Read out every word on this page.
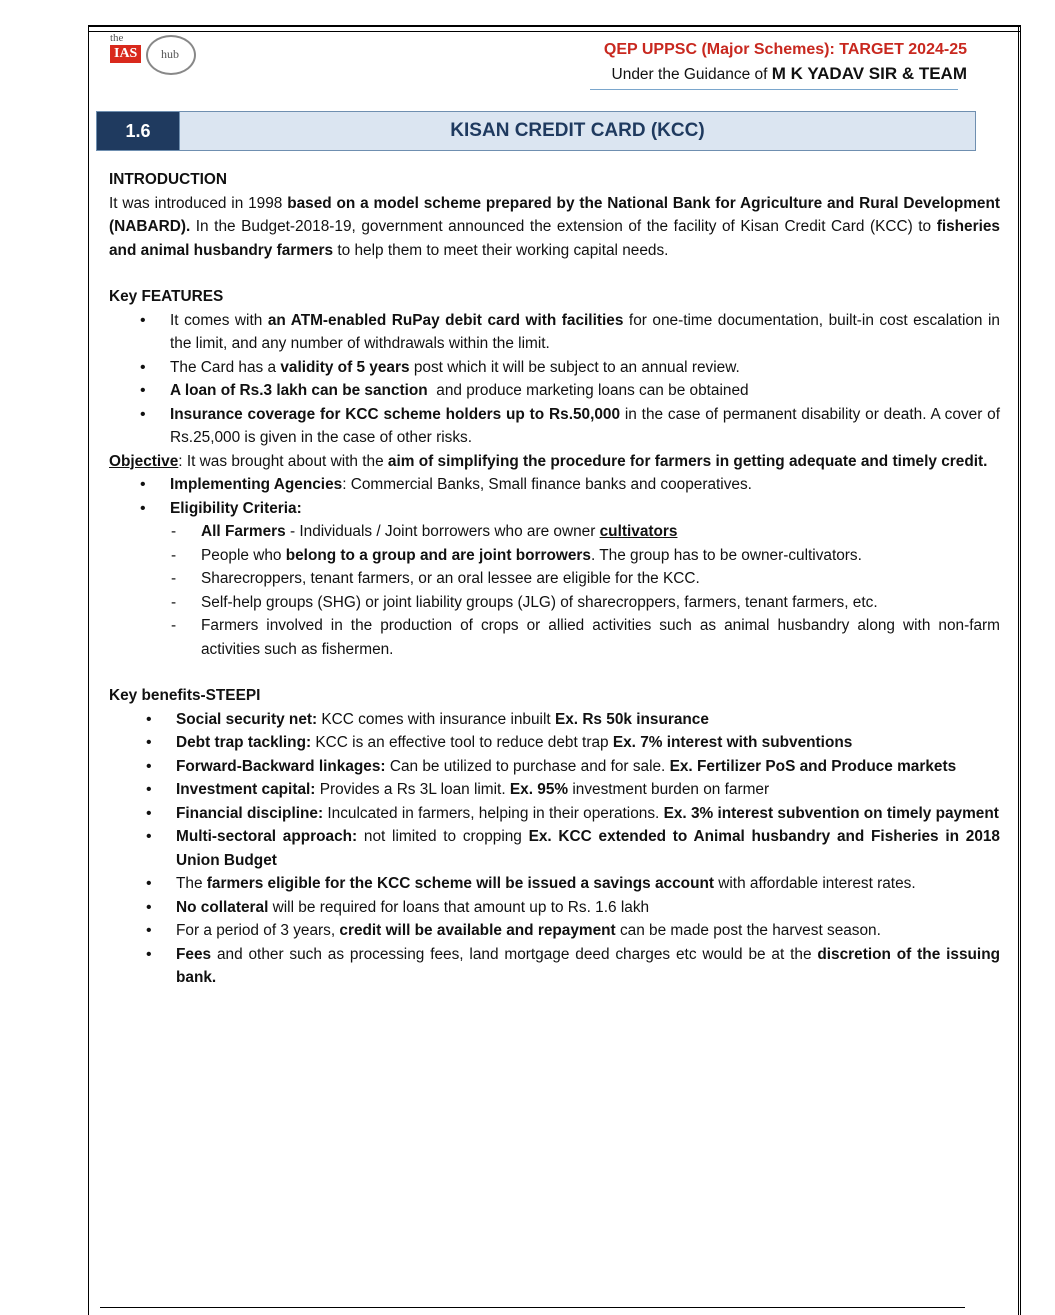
the
IAS	hub	QEP UPPSC (Major Schemes): TARGET 2024-25
Under the Guidance of M K YADAV SIR & TEAM
1.6	KISAN CREDIT CARD (KCC)
INTRODUCTION

It was introduced in 1998 based on a model scheme prepared by the National Bank for Agriculture and Rural Development (NABARD). In the Budget-2018-19, government announced the extension of the facility of Kisan Credit Card (KCC) to fisheries and animal husbandry farmers to help them to meet their working capital needs.

Key FEATURES
• It comes with an ATM-enabled RuPay debit card with facilities for one-time documentation, built-in cost escalation in the limit, and any number of withdrawals within the limit.
• The Card has a validity of 5 years post which it will be subject to an annual review.
• A loan of Rs.3 lakh can be sanction  and produce marketing loans can be obtained
• Insurance coverage for KCC scheme holders up to Rs.50,000 in the case of permanent disability or death. A cover of Rs.25,000 is given in the case of other risks.

Objective: It was brought about with the aim of simplifying the procedure for farmers in getting adequate and timely credit.

• Implementing Agencies: Commercial Banks, Small finance banks and cooperatives.
• Eligibility Criteria:
- All Farmers - Individuals / Joint borrowers who are owner cultivators
- People who belong to a group and are joint borrowers. The group has to be owner-cultivators.
- Sharecroppers, tenant farmers, or an oral lessee are eligible for the KCC.
- Self-help groups (SHG) or joint liability groups (JLG) of sharecroppers, farmers, tenant farmers, etc.
- Farmers involved in the production of crops or allied activities such as animal husbandry along with non-farm activities such as fishermen.
Key benefits-STEEPI
• Social security net: KCC comes with insurance inbuilt Ex. Rs 50k insurance
• Debt trap tackling: KCC is an effective tool to reduce debt trap Ex. 7% interest with subventions
• Forward-Backward linkages: Can be utilized to purchase and for sale. Ex. Fertilizer PoS and Produce markets
• Investment capital: Provides a Rs 3L loan limit. Ex. 95% investment burden on farmer
• Financial discipline: Inculcated in farmers, helping in their operations. Ex. 3% interest subvention on timely payment
• Multi-sectoral approach: not limited to cropping Ex. KCC extended to Animal husbandry and Fisheries in 2018 Union Budget
• The farmers eligible for the KCC scheme will be issued a savings account with affordable interest rates.
• No collateral will be required for loans that amount up to Rs. 1.6 lakh
• For a period of 3 years, credit will be available and repayment can be made post the harvest season.
• Fees and other such as processing fees, land mortgage deed charges etc would be at the discretion of the issuing bank.
